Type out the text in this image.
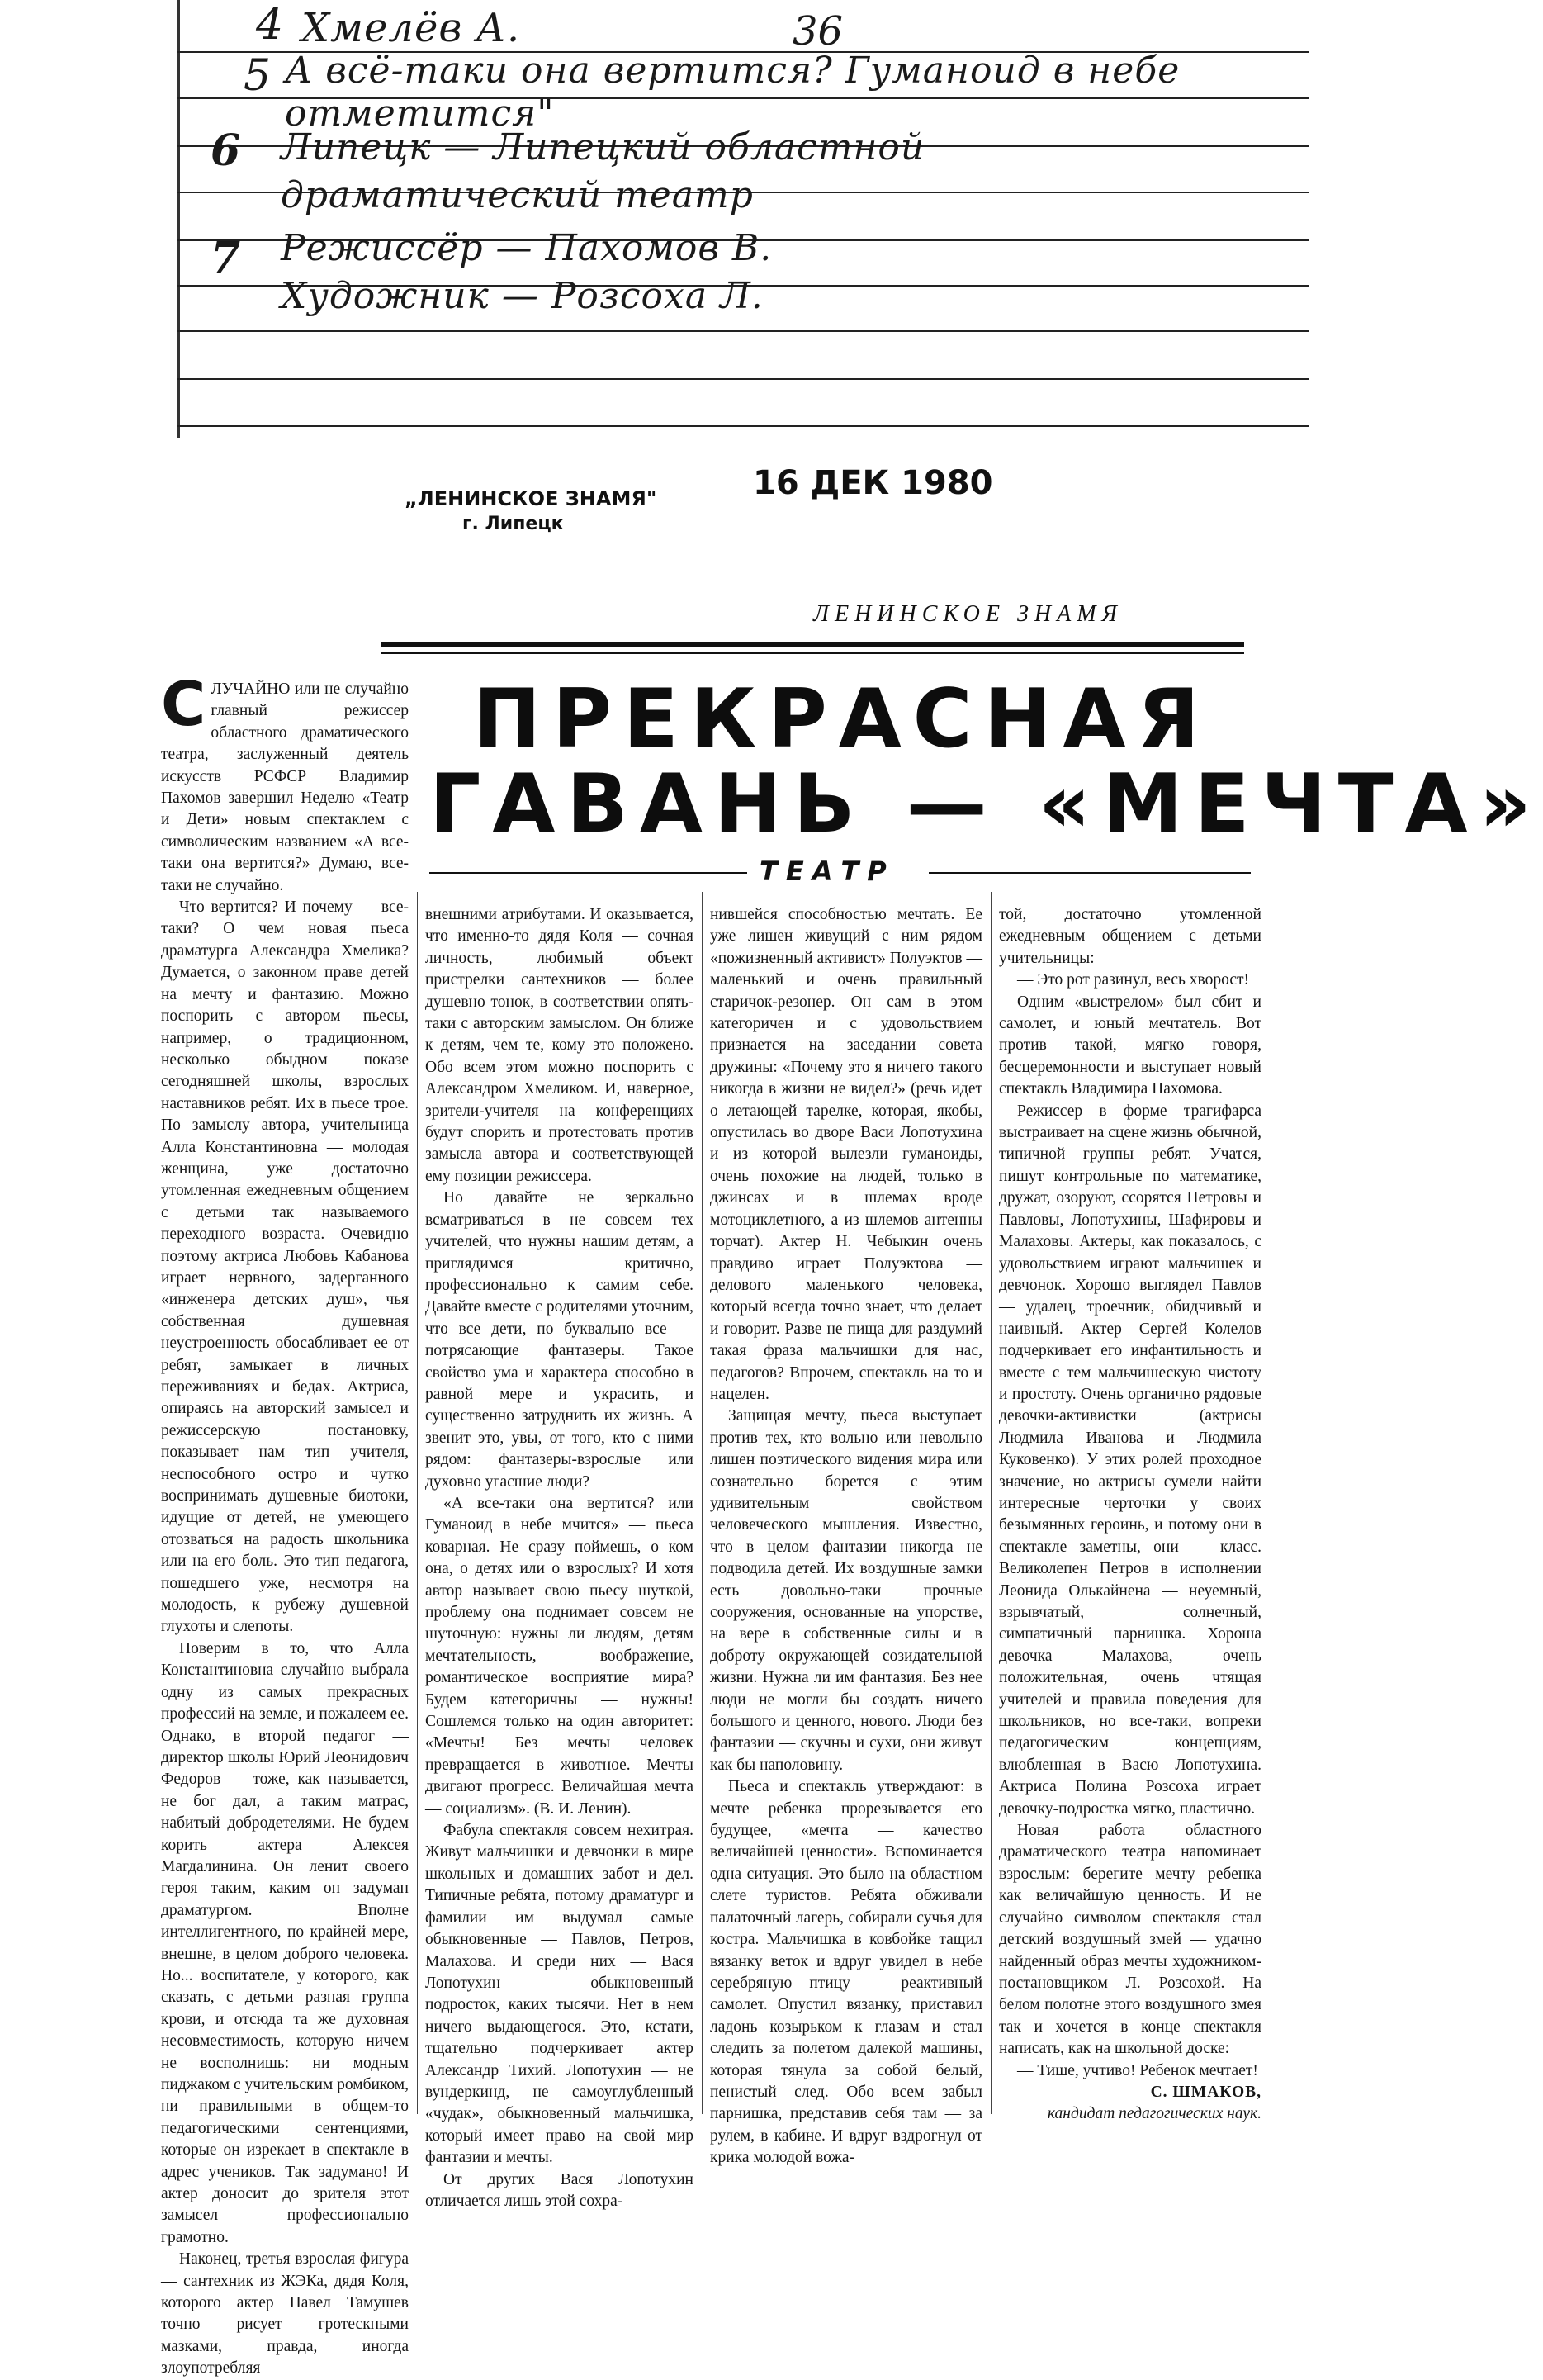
36
4 Хмелёв А.
5 А всё-таки она вертится? Гуманоид в небе отметится"
6 Липецк — Липецкий областной драматический театр
7 Режиссёр — Пахомов В. Художник — Розсоха Л.
„ЛЕНИНСКОЕ ЗНАМЯ"
г. Липецк
16 ДЕК 1980
ЛЕНИНСКОЕ ЗНАМЯ
ПРЕКРАСНАЯ
ГАВАНЬ — «МЕЧТА»
ТЕАТР

СЛУЧАЙНО или не случайно главный режиссер областного драматического театра, заслуженный деятель искусств РСФСР Владимир Пахомов завершил Неделю «Театр и Дети» новым спектаклем с символическим названием «А все-таки она вертится?» Думаю, все-таки не случайно.

Что вертится? И почему — все-таки? О чем новая пьеса драматурга Александра Хмелика? Думается, о законном праве детей на мечту и фантазию. Можно поспорить с автором пьесы, например, о традиционном, несколько обыдном показе сегодняшней школы, взрослых наставников ребят. Их в пьесе трое. По замыслу автора, учительница Алла Константиновна — молодая женщина, уже достаточно утомленная ежедневным общением с детьми так называемого переходного возраста. Очевидно поэтому актриса Любовь Кабанова играет нервного, задерганного «инженера детских душ», чья собственная душевная неустроенность обосабливает ее от ребят, замыкает в личных переживаниях и бедах. Актриса, опираясь на авторский замысел и режиссерскую постановку, показывает нам тип учителя, неспособного остро и чутко воспринимать душевные биотоки, идущие от детей, не умеющего отозваться на радость школьника или на его боль. Это тип педагога, пошедшего уже, несмотря на молодость, к рубежу душевной глухоты и слепоты.

Поверим в то, что Алла Константиновна случайно выбрала одну из самых прекрасных профессий на земле, и пожалеем ее. Однако, в второй педагог — директор школы Юрий Леонидович Федоров — тоже, как называется, не бог дал, а таким матрас, набитый добродетелями. Не будем корить актера Алексея Магдалинина. Он ленит своего героя таким, каким он задуман драматургом. Вполне интеллигентного, по крайней мере, внешне, в целом доброго человека. Но... воспитателе, у которого, как сказать, с детьми разная группа крови, и отсюда та же духовная несовместимость, которую ничем не восполнишь: ни модным пиджаком с учительским ромбиком, ни правильными в общем-то педагогическими сентенциями, которые он изрекает в спектакле в адрес учеников. Так задумано! И актер доносит до зрителя этот замысел профессионально грамотно.

Наконец, третья взрослая фигура — сантехник из ЖЭКа, дядя Коля, которого актер Павел Тамушев точно рисует гротескными мазками, правда, иногда злоупотребляя

внешними атрибутами. И оказывается, что именно-то дядя Коля — сочная личность, любимый объект пристрелки сантехников — более душевно тонок, в соответствии опять-таки с авторским замыслом. Он ближе к детям, чем те, кому это положено. Обо всем этом можно поспорить с Александром Хмеликом. И, наверное, зрители-учителя на конференциях будут спорить и протестовать против замысла автора и соответствующей ему позиции режиссера.

Но давайте не зеркально всматриваться в не совсем тех учителей, что нужны нашим детям, а приглядимся критично, профессионально к самим себе. Давайте вместе с родителями уточним, что все дети, по буквально все — потрясающие фантазеры. Такое свойство ума и характера способно в равной мере и украсить, и существенно затруднить их жизнь. А звенит это, увы, от того, кто с ними рядом: фантазеры-взрослые или духовно угасшие люди?

«А все-таки она вертится? или Гуманоид в небе мчится» — пьеса коварная. Не сразу поймешь, о ком она, о детях или о взрослых? И хотя автор называет свою пьесу шуткой, проблему она поднимает совсем не шуточную: нужны ли людям, детям мечтательность, воображение, романтическое восприятие мира? Будем категоричны — нужны! Сошлемся только на один авторитет: «Мечты! Без мечты человек превращается в животное. Мечты двигают прогресс. Величайшая мечта — социализм». (В. И. Ленин).

Фабула спектакля совсем нехитрая. Живут мальчишки и девчонки в мире школьных и домашних забот и дел. Типичные ребята, потому драматург и фамилии им выдумал самые обыкновенные — Павлов, Петров, Малахова. И среди них — Вася Лопотухин — обыкновенный подросток, каких тысячи. Нет в нем ничего выдающегося. Это, кстати, тщательно подчеркивает актер Александр Тихий. Лопотухин — не вундеркинд, не самоуглубленный «чудак», обыкновенный мальчишка, который имеет право на свой мир фантазии и мечты.

От других Вася Лопотухин отличается лишь этой сохра-

нившейся способностью мечтать. Ее уже лишен живущий с ним рядом «пожизненный активист» Полуэктов — маленький и очень правильный старичок-резонер. Он сам в этом категоричен и с удовольствием признается на заседании совета дружины: «Почему это я ничего такого никогда в жизни не видел?» (речь идет о летающей тарелке, которая, якобы, опустилась во дворе Васи Лопотухина и из которой вылезли гуманоиды, очень похожие на людей, только в джинсах и в шлемах вроде мотоциклетного, а из шлемов антенны торчат). Актер Н. Чебыкин очень правдиво играет Полуэктова — делового маленького человека, который всегда точно знает, что делает и говорит. Разве не пища для раздумий такая фраза мальчишки для нас, педагогов? Впрочем, спектакль на то и нацелен.

Защищая мечту, пьеса выступает против тех, кто вольно или невольно лишен поэтического видения мира или сознательно борется с этим удивительным свойством человеческого мышления. Известно, что в целом фантазии никогда не подводила детей. Их воздушные замки есть довольно-таки прочные сооружения, основанные на упорстве, на вере в собственные силы и в доброту окружающей созидательной жизни. Нужна ли им фантазия. Без нее люди не могли бы создать ничего большого и ценного, нового. Люди без фантазии — скучны и сухи, они живут как бы наполовину.

Пьеса и спектакль утверждают: в мечте ребенка прорезывается его будущее, «мечта — качество величайшей ценности». Вспоминается одна ситуация. Это было на областном слете туристов. Ребята обживали палаточный лагерь, собирали сучья для костра. Мальчишка в ковбойке тащил вязанку веток и вдруг увидел в небе серебряную птицу — реактивный самолет. Опустил вязанку, приставил ладонь козырьком к глазам и стал следить за полетом далекой машины, которая тянула за собой белый, пенистый след. Обо всем забыл парнишка, представив себя там — за рулем, в кабине. И вдруг вздрогнул от крика молодой вожа-

той, достаточно утомленной ежедневным общением с детьми учительницы:

— Это рот разинул, весь хворост!

Одним «выстрелом» был сбит и самолет, и юный мечтатель. Вот против такой, мягко говоря, бесцеремонности и выступает новый спектакль Владимира Пахомова.

Режиссер в форме трагифарса выстраивает на сцене жизнь обычной, типичной группы ребят. Учатся, пишут контрольные по математике, дружат, озоруют, ссорятся Петровы и Павловы, Лопотухины, Шафировы и Малаховы. Актеры, как показалось, с удовольствием играют мальчишек и девчонок. Хорошо выглядел Павлов — удалец, троечник, обидчивый и наивный. Актер Сергей Колелов подчеркивает его инфантильность и вместе с тем мальчишескую чистоту и простоту. Очень органично рядовые девочки-активистки (актрисы Людмила Иванова и Людмила Куковенко). У этих ролей проходное значение, но актрисы сумели найти интересные черточки у своих безымянных героинь, и потому они в спектакле заметны, они — класс. Великолепен Петров в исполнении Леонида Олькайнена — неуемный, взрывчатый, солнечный, симпатичный парнишка. Хороша девочка Малахова, очень положительная, очень чтящая учителей и правила поведения для школьников, но все-таки, вопреки педагогическим концепциям, влюбленная в Васю Лопотухина. Актриса Полина Розсоха играет девочку-подростка мягко, пластично.

Новая работа областного драматического театра напоминает взрослым: берегите мечту ребенка как величайшую ценность. И не случайно символом спектакля стал детский воздушный змей — удачно найденный образ мечты художником-постановщиком Л. Розсохой. На белом полотне этого воздушного змея так и хочется в конце спектакля написать, как на школьной доске:

— Тише, учтиво! Ребенок мечтает!

С. ШМАКОВ,
кандидат педагогических наук.
